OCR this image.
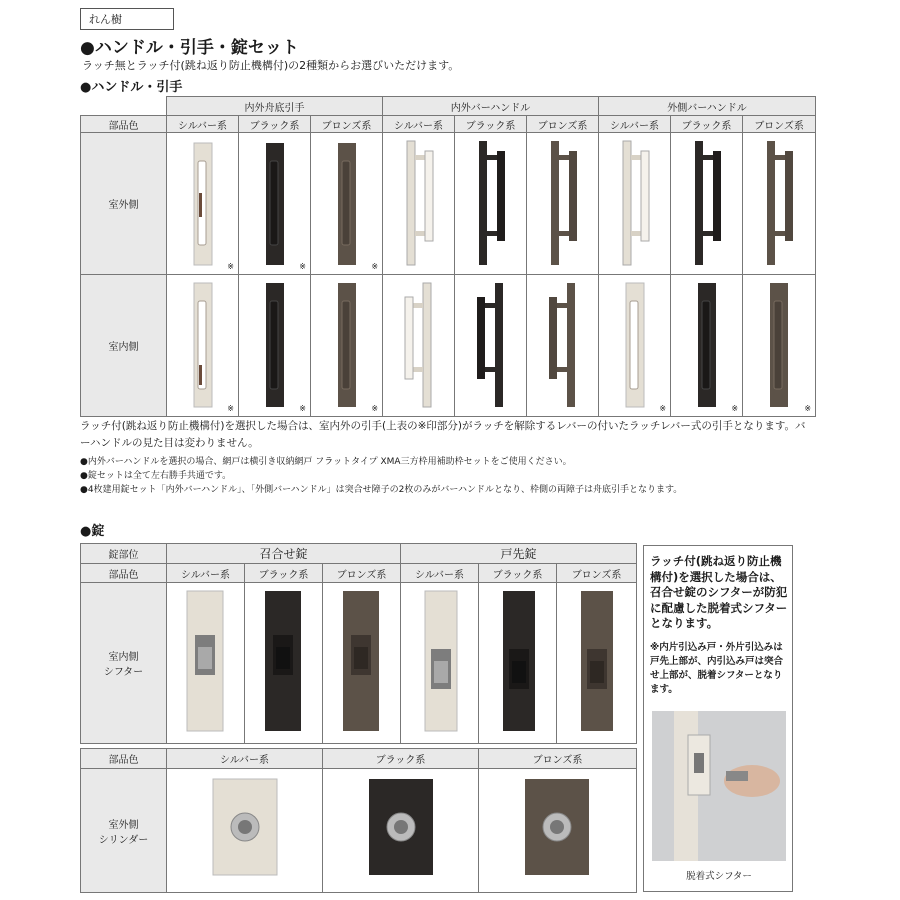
れん樹
●ハンドル・引手・錠セット
ラッチ無とラッチ付(跳ね返り防止機構付)の2種類からお選びいただけます。
●ハンドル・引手
	内外舟底引手			内外バーハンドル			外側バーハンドル		
部品色	シルバー系	ブラック系	ブロンズ系	シルバー系	ブラック系	ブロンズ系	シルバー系	ブラック系	ブロンズ系
室外側	※	※	※

室内側	※	※	※				※	※	※
ラッチ付(跳ね返り防止機構付)を選択した場合は、室内外の引手(上表の※印部分)がラッチを解除するレバーの付いたラッチレバー式の引手となります。バーハンドルの見た目は変わりません。
●内外バーハンドルを選択の場合、網戸は横引き収納網戸 フラットタイプ XMA三方枠用補助枠セットをご使用ください。
●錠セットは全て左右勝手共通です。
●4枚建用錠セット「内外バーハンドル」、「外側バーハンドル」は突合せ障子の2枚のみがバーハンドルとなり、枠側の両障子は舟底引手となります。
●錠
錠部位	召合せ錠			戸先錠		
部品色	シルバー系	ブラック系	ブロンズ系	シルバー系	ブラック系	ブロンズ系
室内側
シフター						
部品色	シルバー系	ブラック系	ブロンズ系
室外側
シリンダー			
ラッチ付(跳ね返り防止機構付)を選択した場合は、召合せ錠のシフターが防犯に配慮した脱着式シフターとなります。
※内片引込み戸・外片引込みは戸先上部が、内引込み戸は突合せ上部が、脱着シフターとなります。
脱着式シフター
